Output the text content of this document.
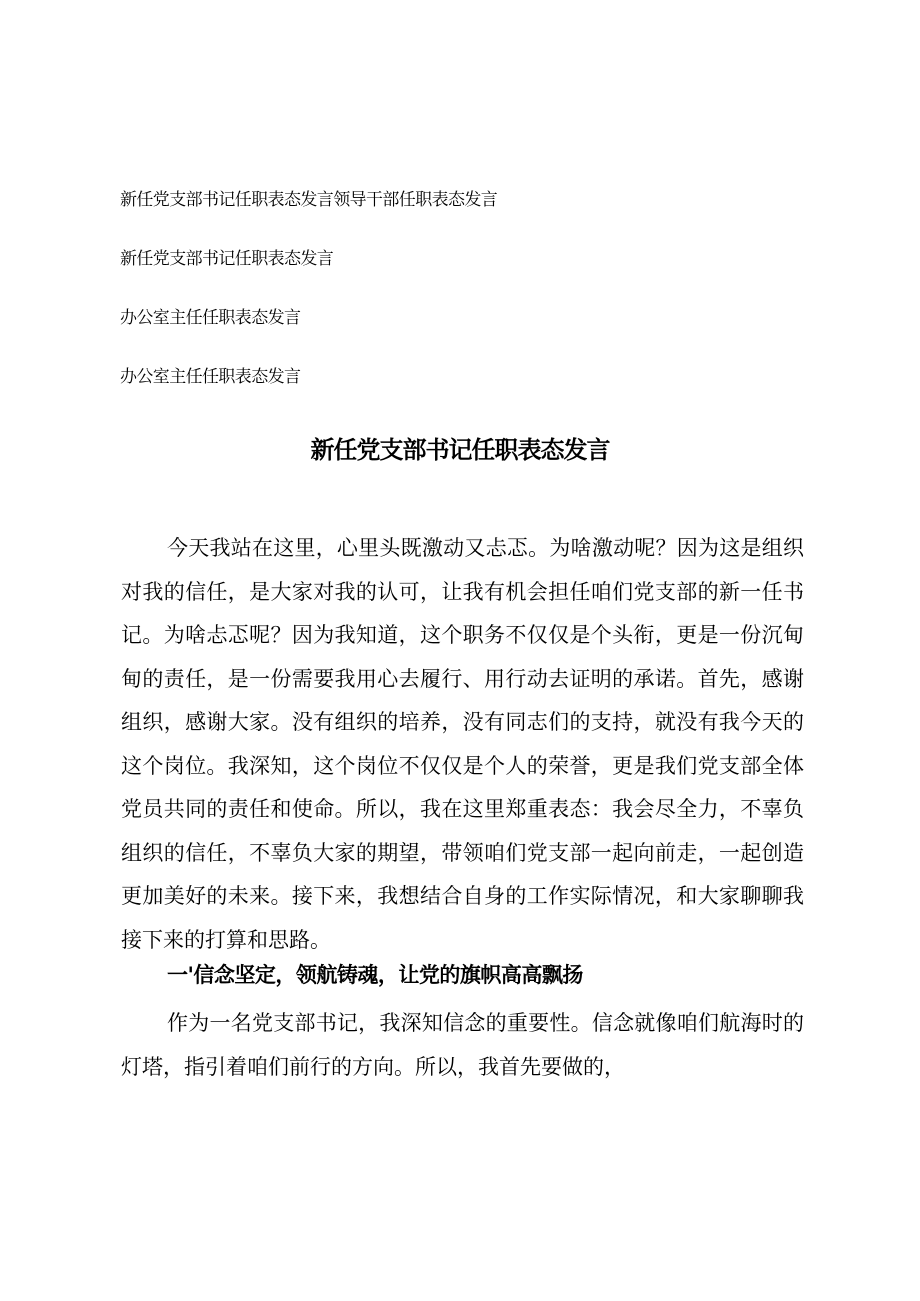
新任党支部书记任职表态发言领导干部任职表态发言
新任党支部书记任职表态发言
办公室主任任职表态发言
办公室主任任职表态发言
新任党支部书记任职表态发言

今天我站在这里，心里头既激动又忐忑。为啥激动呢？因为这是组织对我的信任，是大家对我的认可，让我有机会担任咱们党支部的新一任书记。为啥忐忑呢？因为我知道，这个职务不仅仅是个头衔，更是一份沉甸甸的责任，是一份需要我用心去履行、用行动去证明的承诺。首先，感谢组织，感谢大家。没有组织的培养，没有同志们的支持，就没有我今天的这个岗位。我深知，这个岗位不仅仅是个人的荣誉，更是我们党支部全体党员共同的责任和使命。所以，我在这里郑重表态：我会尽全力，不辜负组织的信任，不辜负大家的期望，带领咱们党支部一起向前走，一起创造更加美好的未来。接下来，我想结合自身的工作实际情况，和大家聊聊我接下来的打算和思路。

一'信念坚定，领航铸魂，让党的旗帜高高飘扬

作为一名党支部书记，我深知信念的重要性。信念就像咱们航海时的灯塔，指引着咱们前行的方向。所以，我首先要做的，
